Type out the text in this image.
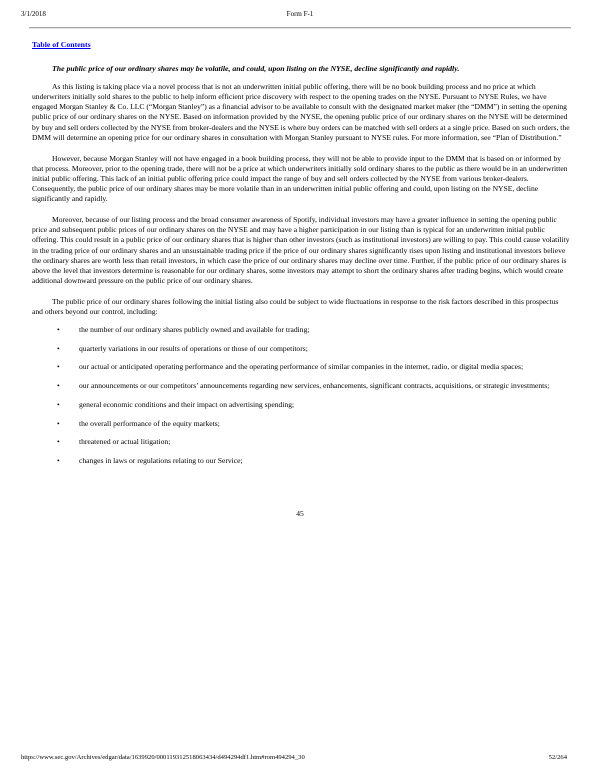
3/1/2018	Form F-1
Table of Contents

The public price of our ordinary shares may be volatile, and could, upon listing on the NYSE, decline significantly and rapidly.

As this listing is taking place via a novel process that is not an underwritten initial public offering, there will be no book building process and no price at which underwriters initially sold shares to the public to help inform efficient price discovery with respect to the opening trades on the NYSE. Pursuant to NYSE Rules, we have engaged Morgan Stanley & Co. LLC (“Morgan Stanley”) as a financial advisor to be available to consult with the designated market maker (the “DMM”) in setting the opening public price of our ordinary shares on the NYSE. Based on information provided by the NYSE, the opening public price of our ordinary shares on the NYSE will be determined by buy and sell orders collected by the NYSE from broker-dealers and the NYSE is where buy orders can be matched with sell orders at a single price. Based on such orders, the DMM will determine an opening price for our ordinary shares in consultation with Morgan Stanley pursuant to NYSE rules. For more information, see “Plan of Distribution.”

However, because Morgan Stanley will not have engaged in a book building process, they will not be able to provide input to the DMM that is based on or informed by that process. Moreover, prior to the opening trade, there will not be a price at which underwriters initially sold ordinary shares to the public as there would be in an underwritten initial public offering. This lack of an initial public offering price could impact the range of buy and sell orders collected by the NYSE from various broker-dealers. Consequently, the public price of our ordinary shares may be more volatile than in an underwritten initial public offering and could, upon listing on the NYSE, decline significantly and rapidly.

Moreover, because of our listing process and the broad consumer awareness of Spotify, individual investors may have a greater influence in setting the opening public price and subsequent public prices of our ordinary shares on the NYSE and may have a higher participation in our listing than is typical for an underwritten initial public offering. This could result in a public price of our ordinary shares that is higher than other investors (such as institutional investors) are willing to pay. This could cause volatility in the trading price of our ordinary shares and an unsustainable trading price if the price of our ordinary shares significantly rises upon listing and institutional investors believe the ordinary shares are worth less than retail investors, in which case the price of our ordinary shares may decline over time. Further, if the public price of our ordinary shares is above the level that investors determine is reasonable for our ordinary shares, some investors may attempt to short the ordinary shares after trading begins, which would create additional downward pressure on the public price of our ordinary shares.

The public price of our ordinary shares following the initial listing also could be subject to wide fluctuations in response to the risk factors described in this prospectus and others beyond our control, including:

•	the number of our ordinary shares publicly owned and available for trading;
•	quarterly variations in our results of operations or those of our competitors;
•	our actual or anticipated operating performance and the operating performance of similar companies in the internet, radio, or digital media spaces;
•	our announcements or our competitors’ announcements regarding new services, enhancements, significant contracts, acquisitions, or strategic investments;
•	general economic conditions and their impact on advertising spending;
•	the overall performance of the equity markets;
•	threatened or actual litigation;
•	changes in laws or regulations relating to our Service;
45
https://www.sec.gov/Archives/edgar/data/1639920/000119312518063434/d494294df1.htm#rom494294_30	52/264
